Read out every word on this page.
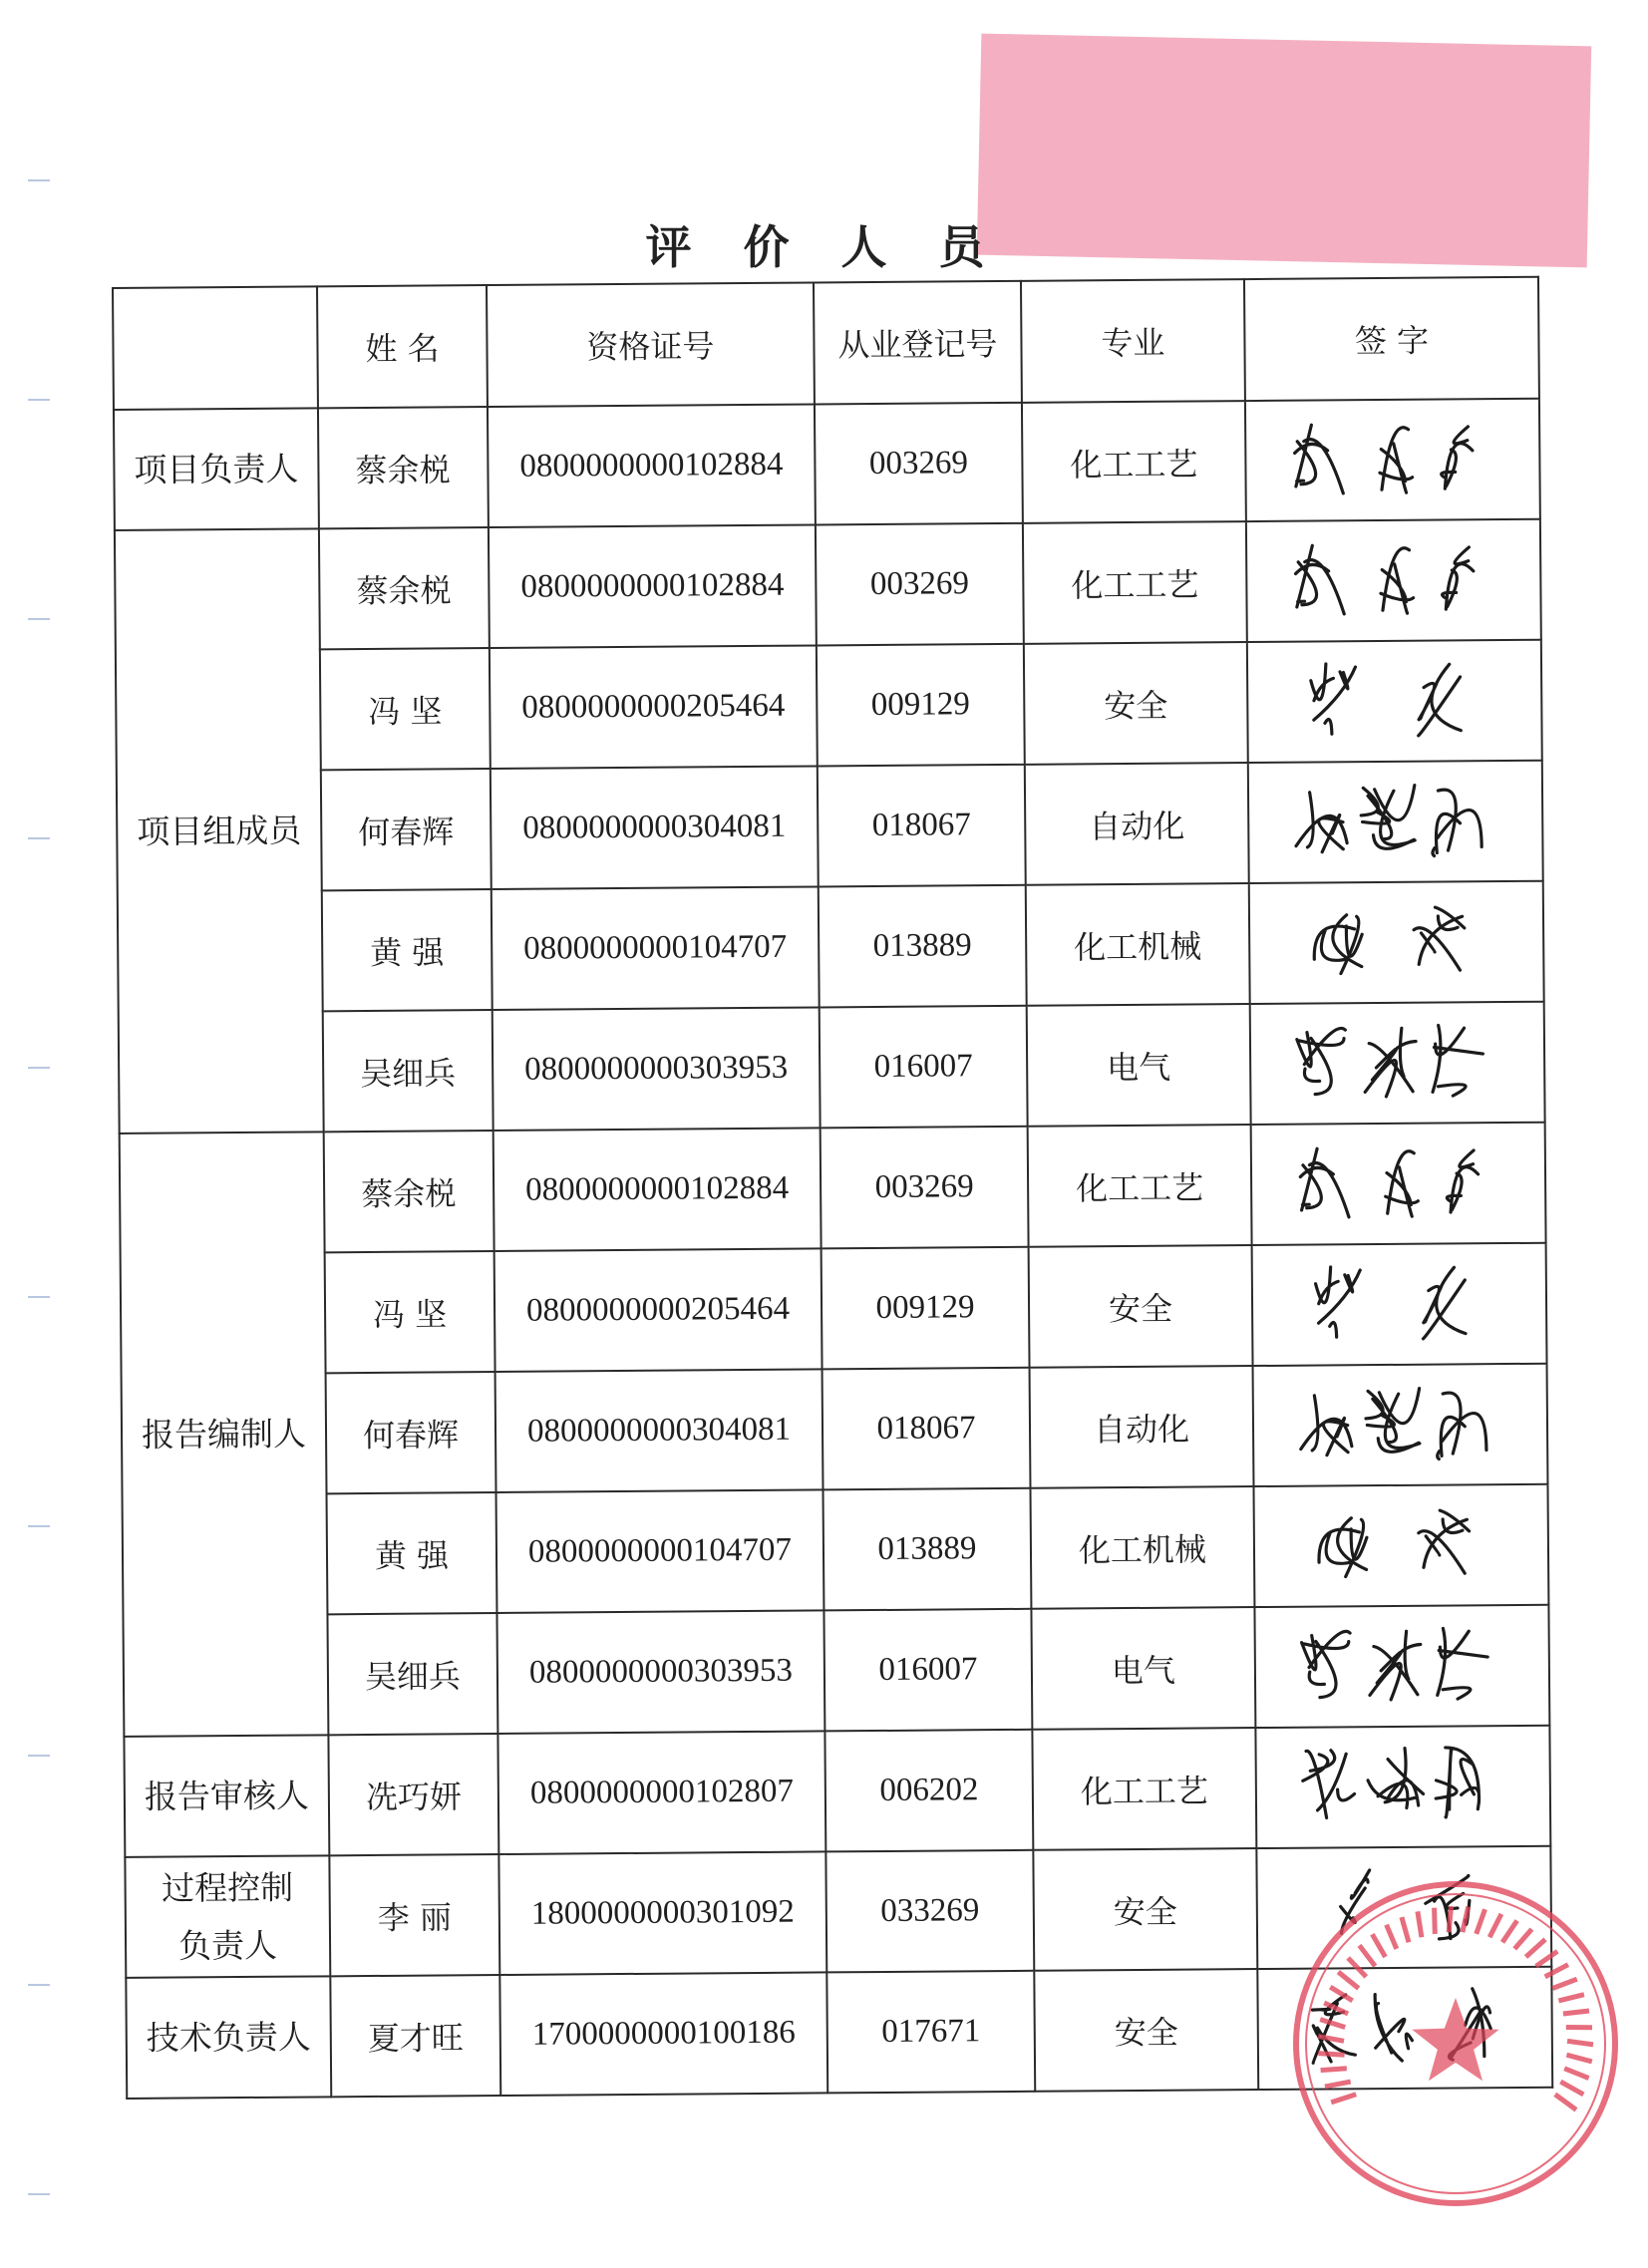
评 价 人 员
	姓 名	资格证号	从业登记号	专业	签 字
项目负责人	蔡余棁	0800000000102884	003269	化工工艺	

项目组成员	蔡余棁	0800000000102884	003269	化工工艺	

	冯 坚	0800000000205464	009129	安全	

	何春辉	0800000000304081	018067	自动化	

	黄 强	0800000000104707	013889	化工机械	

	吴细兵	0800000000303953	016007	电气	

报告编制人	蔡余棁	0800000000102884	003269	化工工艺	

	冯 坚	0800000000205464	009129	安全	

	何春辉	0800000000304081	018067	自动化	

	黄 强	0800000000104707	013889	化工机械	

	吴细兵	0800000000303953	016007	电气	

报告审核人	冼巧妍	0800000000102807	006202	化工工艺	

过程控制
负责人	李 丽	1800000000301092	033269	安全	

技术负责人	夏才旺	1700000000100186	017671	安全	
